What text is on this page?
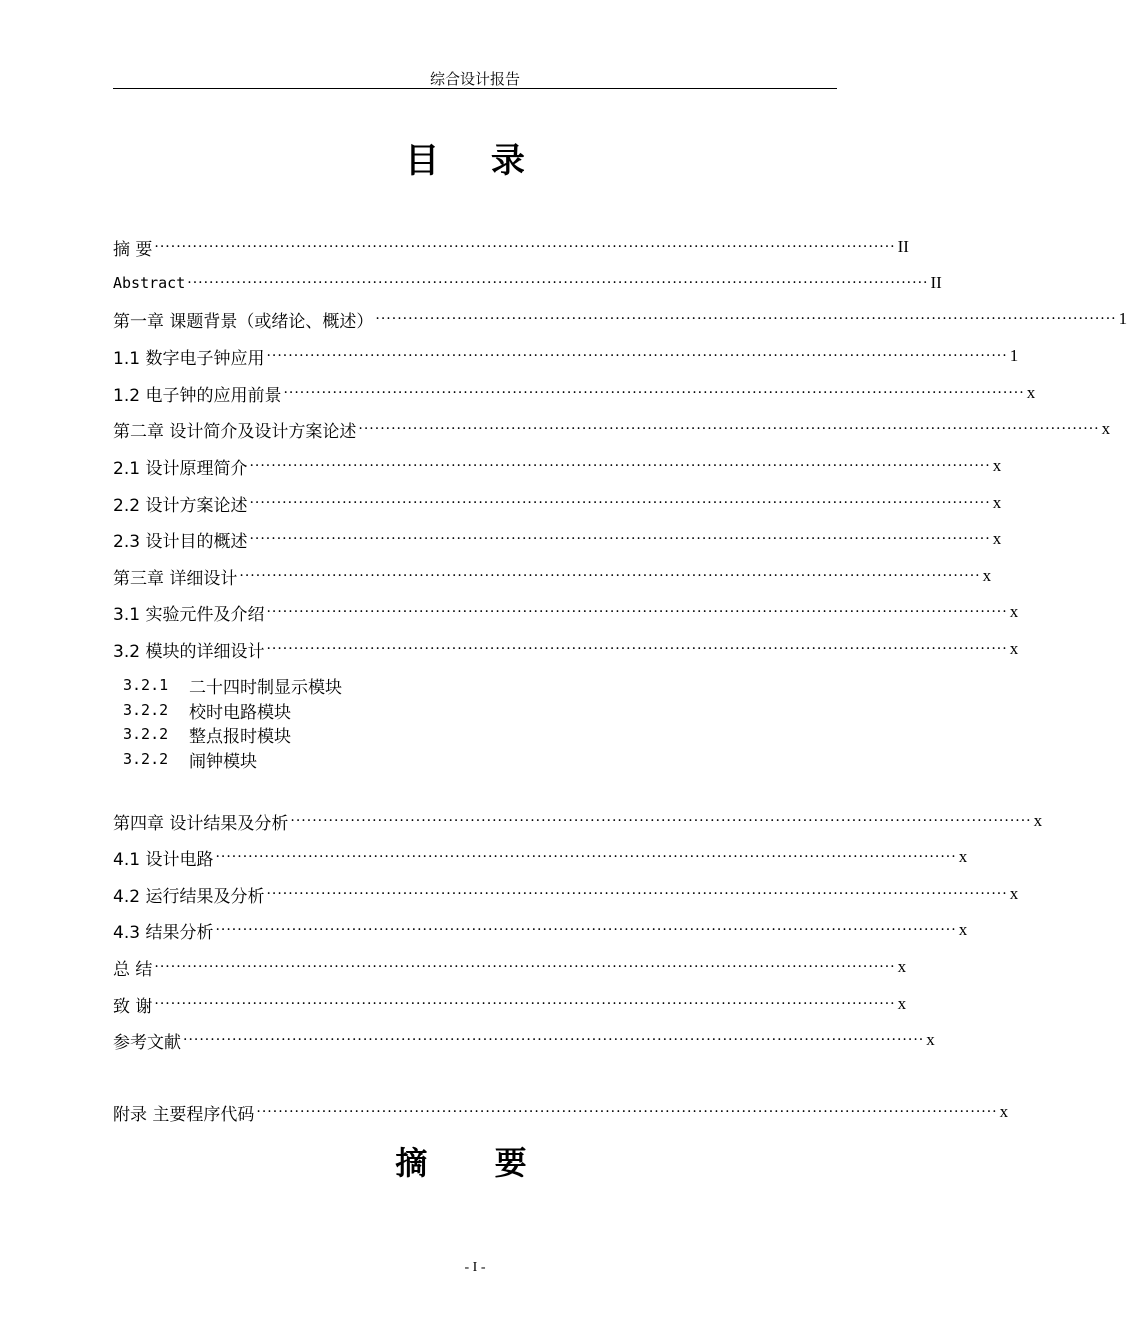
综合设计报告
目 录
摘 要 ········································································································································ II
Abstract ········································································································································ II
第一章 课题背景（或绪论、概述） ········································································································································ 1
1.1 数字电子钟应用 ········································································································································ 1
1.2 电子钟的应用前景 ········································································································································ x
第二章 设计简介及设计方案论述 ········································································································································ x
2.1 设计原理简介 ········································································································································ x
2.2 设计方案论述 ········································································································································ x
2.3 设计目的概述 ········································································································································ x
第三章 详细设计 ········································································································································ x
3.1 实验元件及介绍 ········································································································································ x
3.2 模块的详细设计 ········································································································································ x
3.2.1	二十四时制显示模块
3.2.2	校时电路模块
3.2.2	整点报时模块
3.2.2	闹钟模块
第四章 设计结果及分析 ········································································································································ x
4.1 设计电路 ········································································································································ x
4.2 运行结果及分析 ········································································································································ x
4.3 结果分析 ········································································································································ x
总 结 ········································································································································ x
致 谢 ········································································································································ x
参考文献 ········································································································································ x
附录 主要程序代码 ········································································································································ x
摘 要
- I -
